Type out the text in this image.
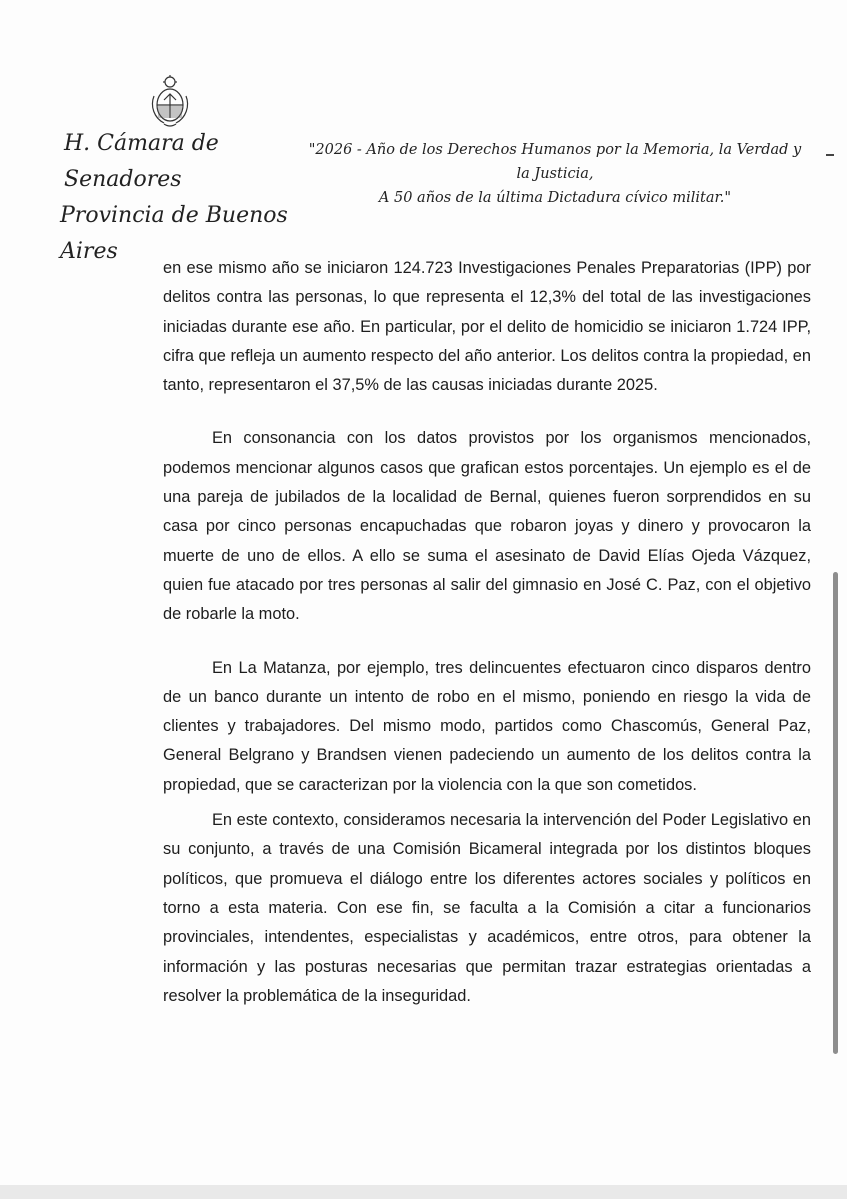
H. Cámara de Senadores
Provincia de Buenos Aires
"2026 - Año de los Derechos Humanos por la Memoria, la Verdad y la Justicia,
A 50 años de la última Dictadura cívico militar."

en ese mismo año se iniciaron 124.723 Investigaciones Penales Preparatorias (IPP) por delitos contra las personas, lo que representa el 12,3% del total de las investigaciones iniciadas durante ese año. En particular, por el delito de homicidio se iniciaron 1.724 IPP, cifra que refleja un aumento respecto del año anterior. Los delitos contra la propiedad, en tanto, representaron el 37,5% de las causas iniciadas durante 2025.

En consonancia con los datos provistos por los organismos mencionados, podemos mencionar algunos casos que grafican estos porcentajes. Un ejemplo es el de una pareja de jubilados de la localidad de Bernal, quienes fueron sorprendidos en su casa por cinco personas encapuchadas que robaron joyas y dinero y provocaron la muerte de uno de ellos. A ello se suma el asesinato de David Elías Ojeda Vázquez, quien fue atacado por tres personas al salir del gimnasio en José C. Paz, con el objetivo de robarle la moto.

En La Matanza, por ejemplo, tres delincuentes efectuaron cinco disparos dentro de un banco durante un intento de robo en el mismo, poniendo en riesgo la vida de clientes y trabajadores. Del mismo modo, partidos como Chascomús, General Paz, General Belgrano y Brandsen vienen padeciendo un aumento de los delitos contra la propiedad, que se caracterizan por la violencia con la que son cometidos.

En este contexto, consideramos necesaria la intervención del Poder Legislativo en su conjunto, a través de una Comisión Bicameral integrada por los distintos bloques políticos, que promueva el diálogo entre los diferentes actores sociales y políticos en torno a esta materia. Con ese fin, se faculta a la Comisión a citar a funcionarios provinciales, intendentes, especialistas y académicos, entre otros, para obtener la información y las posturas necesarias que permitan trazar estrategias orientadas a resolver la problemática de la inseguridad.
